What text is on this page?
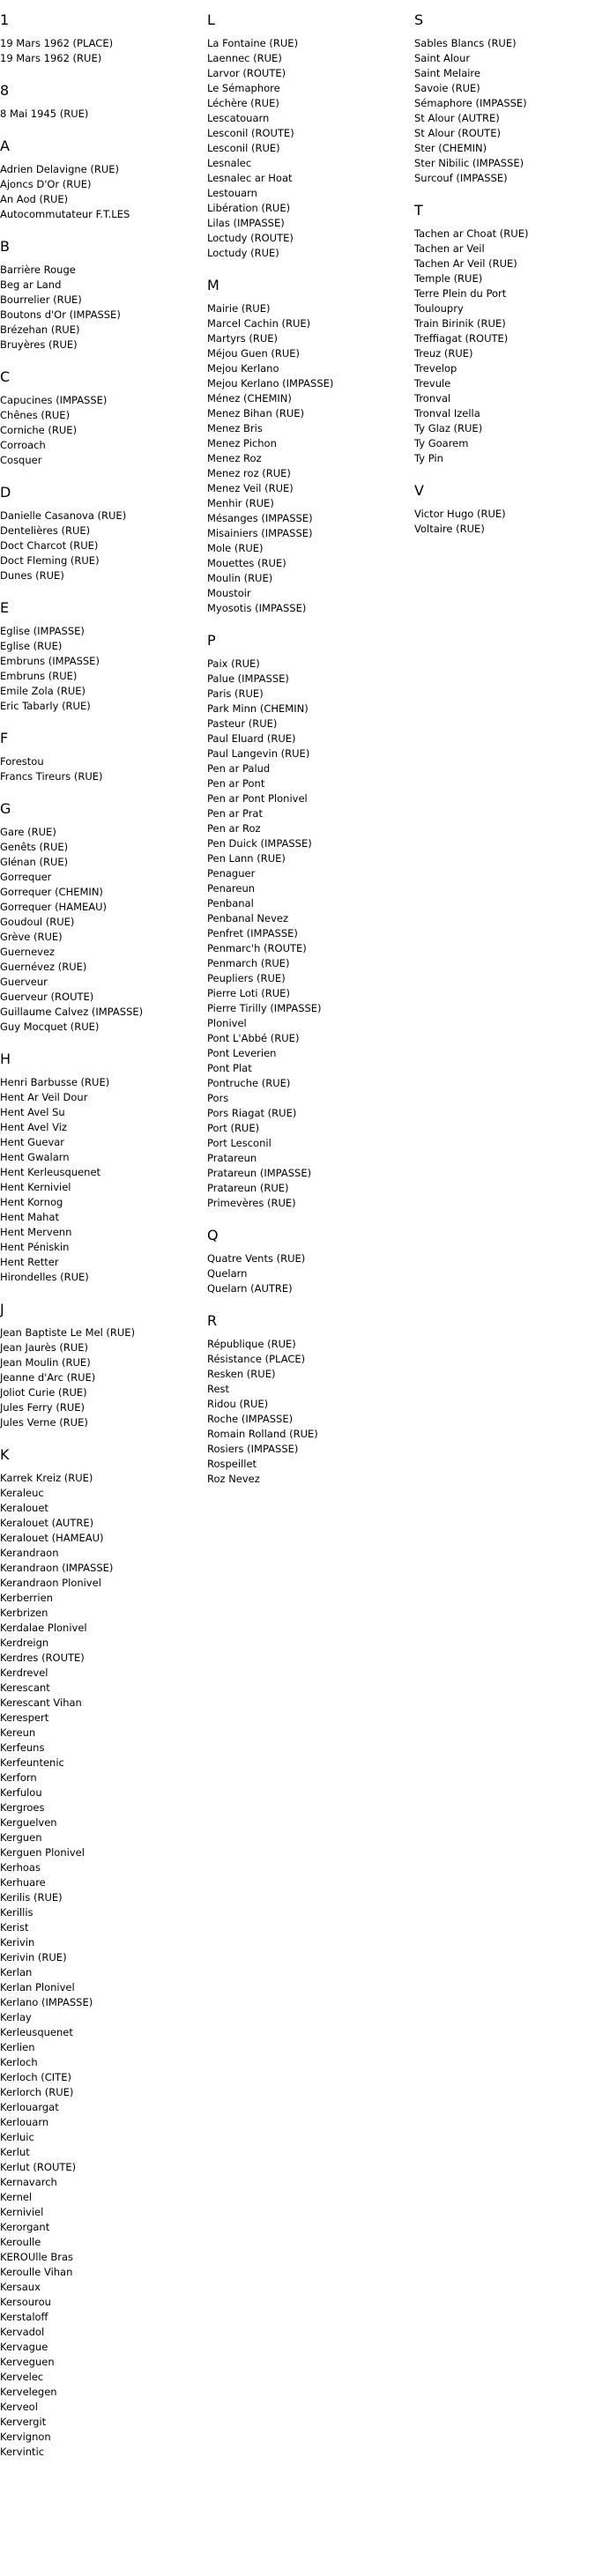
1
19 Mars 1962 (PLACE)
19 Mars 1962 (RUE)
8
8 Mai 1945 (RUE)
A
Adrien Delavigne (RUE)
Ajoncs D'Or (RUE)
An Aod (RUE)
Autocommutateur F.T.LES
B
Barrière Rouge
Beg ar Land
Bourrelier (RUE)
Boutons d'Or (IMPASSE)
Brézehan (RUE)
Bruyères (RUE)
C
Capucines (IMPASSE)
Chênes (RUE)
Corniche (RUE)
Corroach
Cosquer
D
Danielle Casanova (RUE)
Dentelières (RUE)
Doct Charcot (RUE)
Doct Fleming (RUE)
Dunes (RUE)
E
Eglise (IMPASSE)
Eglise (RUE)
Embruns (IMPASSE)
Embruns (RUE)
Emile Zola (RUE)
Eric Tabarly (RUE)
F
Forestou
Francs Tireurs (RUE)
G
Gare (RUE)
Genêts (RUE)
Glénan (RUE)
Gorrequer
Gorrequer (CHEMIN)
Gorrequer (HAMEAU)
Goudoul (RUE)
Grève (RUE)
Guernevez
Guernévez (RUE)
Guerveur
Guerveur (ROUTE)
Guillaume Calvez (IMPASSE)
Guy Mocquet (RUE)
H
Henri Barbusse (RUE)
Hent Ar Veil Dour
Hent Avel Su
Hent Avel Viz
Hent Guevar
Hent Gwalarn
Hent Kerleusquenet
Hent Kerniviel
Hent Kornog
Hent Mahat
Hent Mervenn
Hent Péniskin
Hent Retter
Hirondelles (RUE)
J
Jean Baptiste Le Mel (RUE)
Jean Jaurès (RUE)
Jean Moulin (RUE)
Jeanne d'Arc (RUE)
Joliot Curie (RUE)
Jules Ferry (RUE)
Jules Verne (RUE)
K
Karrek Kreiz (RUE)
Keraleuc
Keralouet
Keralouet (AUTRE)
Keralouet (HAMEAU)
Kerandraon
Kerandraon (IMPASSE)
Kerandraon Plonivel
Kerberrien
Kerbrizen
Kerdalae Plonivel
Kerdreign
Kerdres (ROUTE)
Kerdrevel
Kerescant
Kerescant Vihan
Kerespert
Kereun
Kerfeuns
Kerfeuntenic
Kerforn
Kerfulou
Kergroes
Kerguelven
Kerguen
Kerguen Plonivel
Kerhoas
Kerhuare
Kerilis (RUE)
Kerillis
Kerist
Kerivin
Kerivin (RUE)
Kerlan
Kerlan Plonivel
Kerlano (IMPASSE)
Kerlay
Kerleusquenet
Kerlien
Kerloch
Kerloch (CITE)
Kerlorch (RUE)
Kerlouargat
Kerlouarn
Kerluic
Kerlut
Kerlut (ROUTE)
Kernavarch
Kernel
Kerniviel
Kerorgant
Keroulle
KEROUlle Bras
Keroulle Vihan
Kersaux
Kersourou
Kerstaloff
Kervadol
Kervague
Kerveguen
Kervelec
Kervelegen
Kerveol
Kervergit
Kervignon
Kervintic
L
La Fontaine (RUE)
Laennec (RUE)
Larvor (ROUTE)
Le Sémaphore
Léchère (RUE)
Lescatouarn
Lesconil (ROUTE)
Lesconil (RUE)
Lesnalec
Lesnalec ar Hoat
Lestouarn
Libération (RUE)
Lilas (IMPASSE)
Loctudy (ROUTE)
Loctudy (RUE)
M
Mairie (RUE)
Marcel Cachin (RUE)
Martyrs (RUE)
Méjou Guen (RUE)
Mejou Kerlano
Mejou Kerlano (IMPASSE)
Ménez (CHEMIN)
Menez Bihan (RUE)
Menez Bris
Menez Pichon
Menez Roz
Menez roz (RUE)
Menez Veil (RUE)
Menhir (RUE)
Mésanges (IMPASSE)
Misainiers (IMPASSE)
Mole (RUE)
Mouettes (RUE)
Moulin (RUE)
Moustoir
Myosotis (IMPASSE)
P
Paix (RUE)
Palue (IMPASSE)
Paris (RUE)
Park Minn (CHEMIN)
Pasteur (RUE)
Paul Eluard (RUE)
Paul Langevin (RUE)
Pen ar Palud
Pen ar Pont
Pen ar Pont Plonivel
Pen ar Prat
Pen ar Roz
Pen Duick (IMPASSE)
Pen Lann (RUE)
Penaguer
Penareun
Penbanal
Penbanal Nevez
Penfret (IMPASSE)
Penmarc'h (ROUTE)
Penmarch (RUE)
Peupliers (RUE)
Pierre Loti (RUE)
Pierre Tirilly (IMPASSE)
Plonivel
Pont L'Abbé (RUE)
Pont Leverien
Pont Plat
Pontruche (RUE)
Pors
Pors Riagat (RUE)
Port (RUE)
Port Lesconil
Pratareun
Pratareun (IMPASSE)
Pratareun (RUE)
Primevères (RUE)
Q
Quatre Vents (RUE)
Quelarn
Quelarn (AUTRE)
R
République (RUE)
Résistance (PLACE)
Resken (RUE)
Rest
Ridou (RUE)
Roche (IMPASSE)
Romain Rolland (RUE)
Rosiers (IMPASSE)
Rospeillet
Roz Nevez
S
Sables Blancs (RUE)
Saint Alour
Saint Melaire
Savoie (RUE)
Sémaphore (IMPASSE)
St Alour (AUTRE)
St Alour (ROUTE)
Ster (CHEMIN)
Ster Nibilic (IMPASSE)
Surcouf (IMPASSE)
T
Tachen ar Choat (RUE)
Tachen ar Veil
Tachen Ar Veil (RUE)
Temple (RUE)
Terre Plein du Port
Touloupry
Train Birinik (RUE)
Treffiagat (ROUTE)
Treuz (RUE)
Trevelop
Trevule
Tronval
Tronval Izella
Ty Glaz (RUE)
Ty Goarem
Ty Pin
V
Victor Hugo (RUE)
Voltaire (RUE)
